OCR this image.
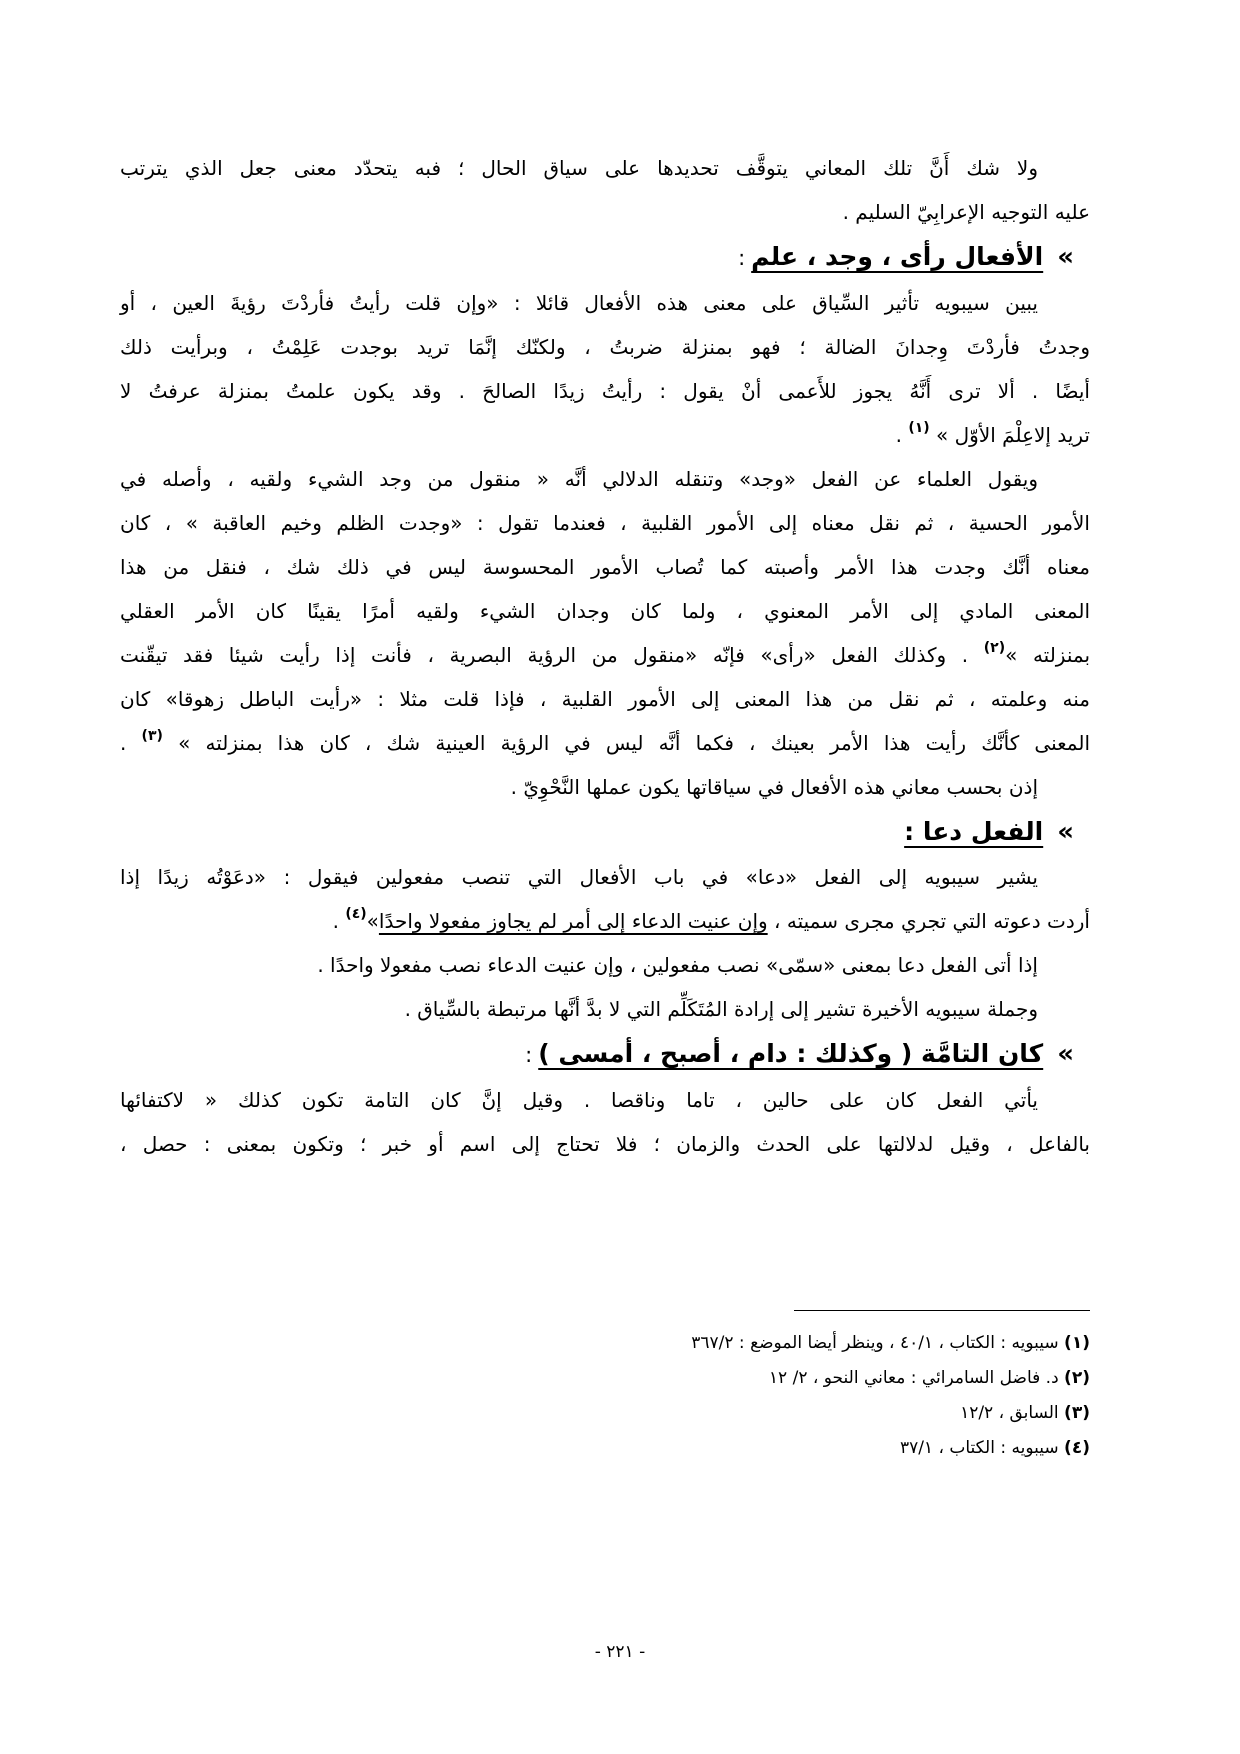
ولا شك أَنَّ تلك المعاني يتوقَّف تحديدها على سياق الحال ؛ فبه يتحدّد معنى جعل الذي يترتب
عليه التوجيه الإعرابِيّ السليم .

»الأفعال رأى ، وجد ، علم:

يبين سيبويه تأثير السِّياق على معنى هذه الأفعال قائلا : «وإن قلت رأيتُ فأردْتَ رؤيةَ العين ، أو
وجدتُ فأردْتَ وِجدانَ الضالة ؛ فهو بمنزلة ضربتُ ، ولكنّك إنَّمَا تريد بوجدت عَلِمْتُ ، وبرأيت ذلك
أيضًا . ألا ترى أَنَّهُ يجوز للأَعمى أنْ يقول : رأيتُ زيدًا الصالحَ . وقد يكون علمتُ بمنزلة عرفتُ لا
تريد إلاعِلْمَ الأوّل » $^{(١)}$ .

ويقول العلماء عن الفعل «وجد» وتنقله الدلالي أنَّه « منقول من وجد الشيء ولقيه ، وأصله في
الأمور الحسية ، ثم نقل معناه إلى الأمور القلبية ، فعندما تقول : «وجدت الظلم وخيم العاقبة » ، كان
معناه أنَّك وجدت هذا الأمر وأصبته كما تُصاب الأمور المحسوسة ليس في ذلك شك ، فنقل من هذا
المعنى المادي إلى الأمر المعنوي ، ولما كان وجدان الشيء ولقيه أمرًا يقينًا كان الأمر العقلي
بمنزلته »$^{(٢)}$ . وكذلك الفعل «رأى» فإنّه «منقول من الرؤية البصرية ، فأنت إذا رأيت شيئا فقد تيقّنت
منه وعلمته ، ثم نقل من هذا المعنى إلى الأمور القلبية ، فإذا قلت مثلا : «رأيت الباطل زهوقا» كان
المعنى كأنَّك رأيت هذا الأمر بعينك ، فكما أنَّه ليس في الرؤية العينية شك ، كان هذا بمنزلته » $^{(٣)}$ .

إذن بحسب معاني هذه الأفعال في سياقاتها يكون عملها النَّحْوِيّ .

»الفعل دعا :

يشير سيبويه إلى الفعل «دعا» في باب الأفعال التي تنصب مفعولين فيقول : «دعَوْتُه زيدًا إذا
أردت دعوته التي تجري مجرى سميته ، وإن عنيت الدعاء إلى أمر لم يجاوز مفعولا واحدًا»$^{(٤)}$ .

إذا أتى الفعل دعا بمعنى «سمّى» نصب مفعولين ، وإن عنيت الدعاء نصب مفعولا واحدًا .

وجملة سيبويه الأخيرة تشير إلى إرادة المُتَكَلِّم التي لا بدَّ أنَّها مرتبطة بالسِّياق .

»كان التامَّة ( وكذلك : دام ، أصبح ، أمسى ):

يأتي الفعل كان على حالين ، تاما وناقصا . وقيل إنَّ كان التامة تكون كذلك « لاكتفائها
بالفاعل ، وقيل لدلالتها على الحدث والزمان ؛ فلا تحتاج إلى اسم أو خبر ؛ وتكون بمعنى : حصل ،

(١) سيبويه : الكتاب ، ٤٠/١ ، وينظر أيضا الموضع : ٣٦٧/٢

(٢) د. فاضل السامرائي : معاني النحو ، ٢/ ١٢

(٣) السابق ، ١٢/٢

(٤) سيبويه : الكتاب ، ٣٧/١

- ٢٢١ -
